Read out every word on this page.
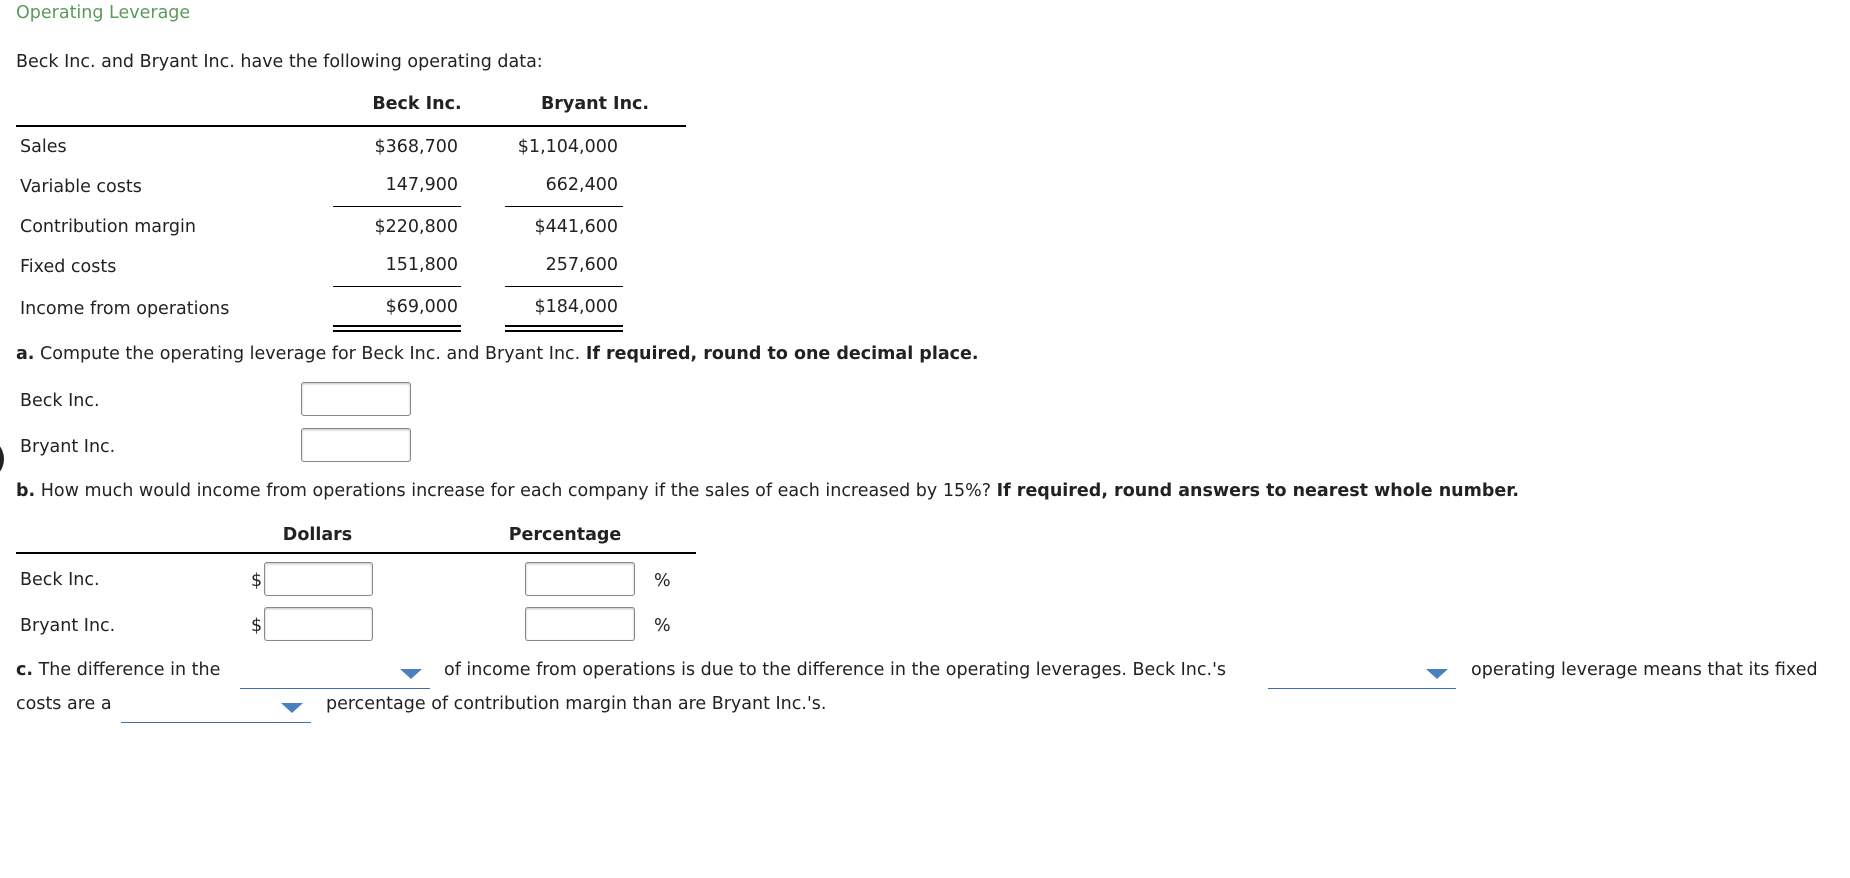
Operating Leverage
Beck Inc. and Bryant Inc. have the following operating data:
Beck Inc.	Bryant Inc.
Sales	$368,700	$1,104,000
Variable costs	147,900	662,400
Contribution margin	$220,800	$441,600
Fixed costs	151,800	257,600
Income from operations	$69,000	$184,000
a. Compute the operating leverage for Beck Inc. and Bryant Inc. If required, round to one decimal place.
Beck Inc.
Bryant Inc.
b. How much would income from operations increase for each company if the sales of each increased by 15%? If required, round answers to nearest whole number.
Dollars	Percentage
Beck Inc.	$	%
Bryant Inc.	$	%
c. The difference in the	of income from operations is due to the difference in the operating leverages. Beck Inc.'s	operating leverage means that its fixed
costs are a	percentage of contribution margin than are Bryant Inc.'s.
